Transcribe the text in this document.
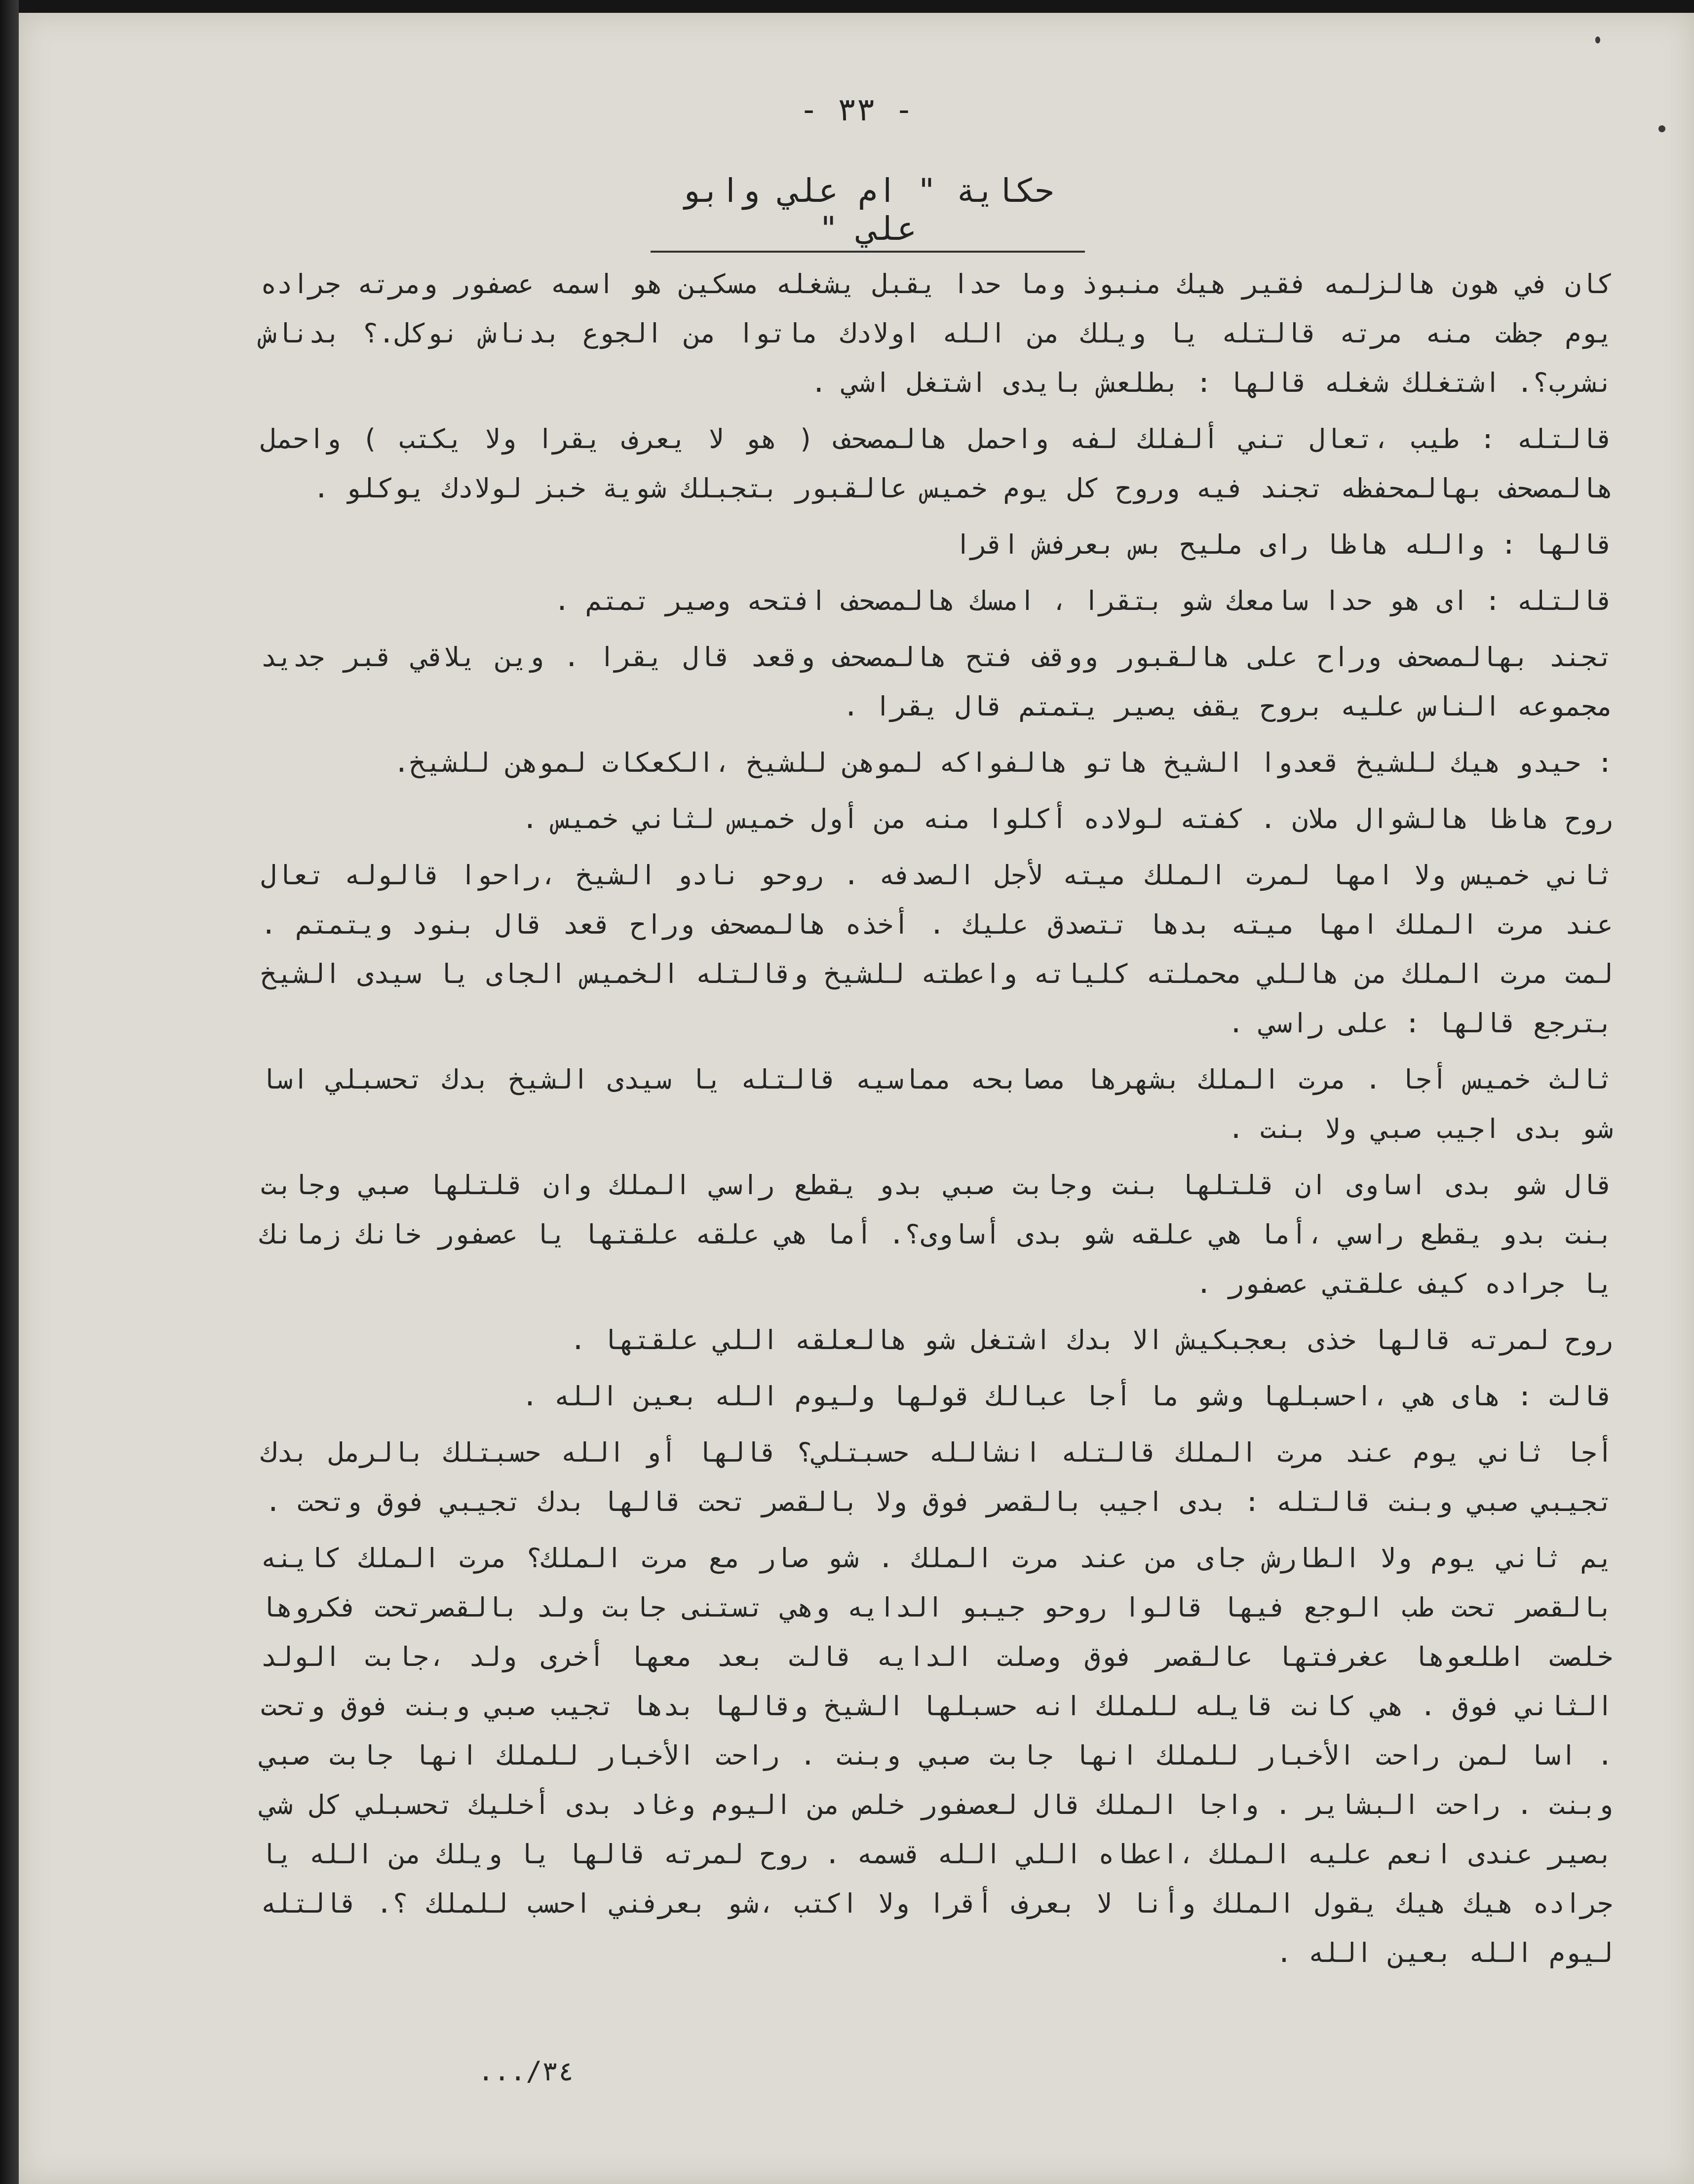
- ٣٣ -
حكاية " ام علي وابو علي "

كان في هون هالزلمه فقير هيك منبوذ وما حدا يقبل يشغله مسكين هو اسمه عصفور ومرته جراده يوم جظت منه مرته قالتله يا ويلك من الله اولادك ماتوا من الجوع بدناش نوكل.؟ بدناش نشرب؟. اشتغلك شغله قالها : بطلعش بايدى اشتغل اشي .

قالتله : طيب ،تعال تني ألفلك لفه واحمل هالمصحف ( هو لا يعرف يقرا ولا يكتب ) واحمل هالمصحف بهالمحفظه تجند فيه وروح كل يوم خميس عالقبور بتجبلك شوية خبز لولادك يوكلو .

قالها : والله هاظا راى مليح بس بعرفش اقرا

قالتله : اى هو حدا سامعك شو بتقرا ، امسك هالمصحف افتحه وصير تمتم .

تجند بهالمصحف وراح على هالقبور ووقف فتح هالمصحف وقعد قال يقرا . وين يلاقي قبر جديد مجموعه الناس عليه بروح يقف يصير يتمتم قال يقرا .

: حيدو هيك للشيخ قعدوا الشيخ هاتو هالفواكه لموهن للشيخ ،الكعكات لموهن للشيخ.

روح هاظا هالشوال ملان . كفته لولاده أكلوا منه من أول خميس لثاني خميس .

ثاني خميس ولا امها لمرت الملك ميته لأجل الصدفه . روحو نادو الشيخ ،راحوا قالوله تعال عند مرت الملك امها ميته بدها تتصدق عليك . أخذه هالمصحف وراح قعد قال بنود ويتمتم . لمت مرت الملك من هاللي محملته كلياته واعطته للشيخ وقالتله الخميس الجاى يا سيدى الشيخ بترجع قالها : على راسي .

ثالث خميس أجا . مرت الملك بشهرها مصابحه مماسيه قالتله يا سيدى الشيخ بدك تحسبلي اسا شو بدى اجيب صبي ولا بنت .

قال شو بدى اساوى ان قلتلها بنت وجابت صبي بدو يقطع راسي الملك وان قلتلها صبي وجابت بنت بدو يقطع راسي ،أما هي علقه شو بدى أساوى؟. أما هي علقه علقتها يا عصفور خانك زمانك يا جراده كيف علقتي عصفور .

روح لمرته قالها خذى بعجبكيش الا بدك اشتغل شو هالعلقه اللي علقتها .

قالت : هاى هي ،احسبلها وشو ما أجا عبالك قولها وليوم الله بعين الله .

أجا ثاني يوم عند مرت الملك قالتله انشالله حسبتلي؟ قالها أو الله حسبتلك بالرمل بدك تجيبي صبي وبنت قالتله : بدى اجيب بالقصر فوق ولا بالقصر تحت قالها بدك تجيبي فوق وتحت .

يم ثاني يوم ولا الطارش جاى من عند مرت الملك . شو صار مع مرت الملك؟ مرت الملك كاينه بالقصر تحت طب الوجع فيها قالوا روحو جيبو الدايه وهي تستنى جابت ولد بالقصرتحت فكروها خلصت اطلعوها عغرفتها عالقصر فوق وصلت الدايه قالت بعد معها أخرى ولد ،جابت الولد الثاني فوق . هي كانت قايله للملك انه حسبلها الشيخ وقالها بدها تجيب صبي وبنت فوق وتحت . اسا لمن راحت الأخبار للملك انها جابت صبي وبنت . راحت الأخبار للملك انها جابت صبي وبنت . راحت البشاير . واجا الملك قال لعصفور خلص من اليوم وغاد بدى أخليك تحسبلي كل شي بصير عندى انعم عليه الملك ،اعطاه اللي الله قسمه . روح لمرته قالها يا ويلك من الله يا جراده هيك هيك يقول الملك وأنا لا بعرف أقرا ولا اكتب ،شو بعرفني احسب للملك ؟. قالتله ليوم الله بعين الله .

٣٤/...
